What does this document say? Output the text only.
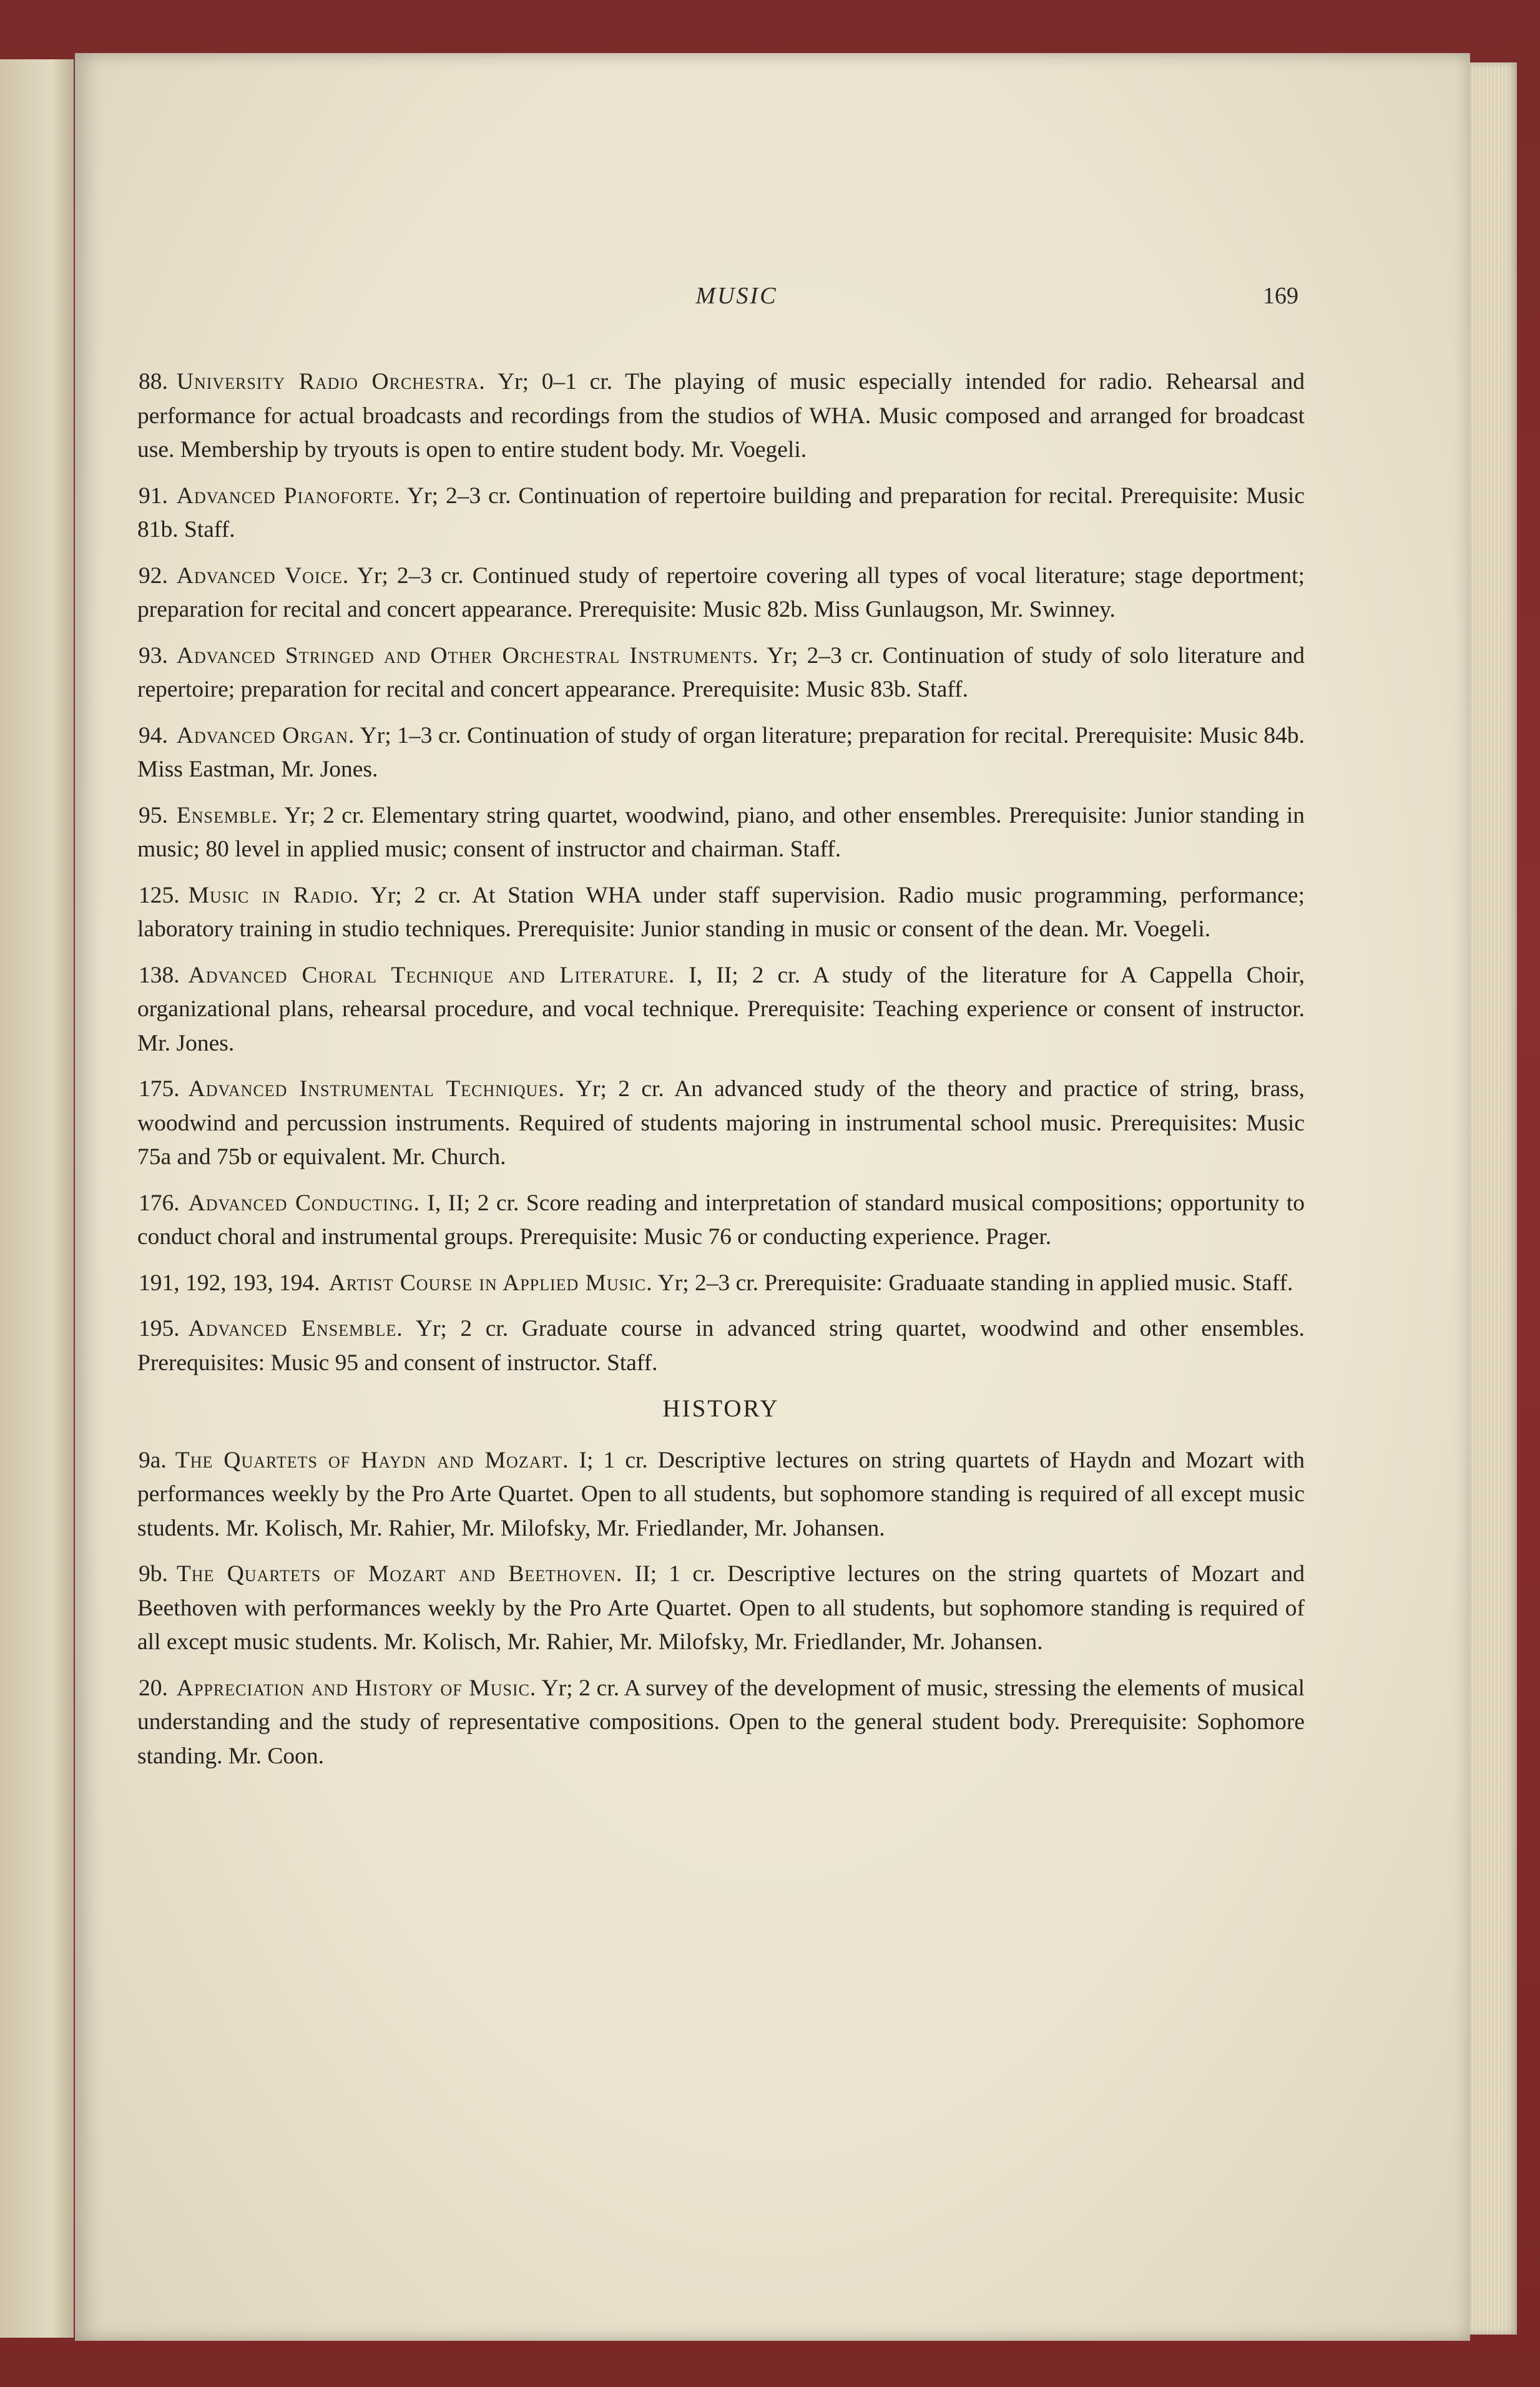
MUSIC	169

88. University Radio Orchestra. Yr; 0–1 cr. The playing of music especially intended for radio. Rehearsal and performance for actual broadcasts and recordings from the studios of WHA. Music composed and arranged for broadcast use. Membership by tryouts is open to entire student body. Mr. Voegeli.

91. Advanced Pianoforte. Yr; 2–3 cr. Continuation of repertoire building and preparation for recital. Prerequisite: Music 81b. Staff.

92. Advanced Voice. Yr; 2–3 cr. Continued study of repertoire covering all types of vocal literature; stage deportment; preparation for recital and concert appearance. Prerequisite: Music 82b. Miss Gunlaugson, Mr. Swinney.

93. Advanced Stringed and Other Orchestral Instruments. Yr; 2–3 cr. Continuation of study of solo literature and repertoire; preparation for recital and concert appearance. Prerequisite: Music 83b. Staff.

94. Advanced Organ. Yr; 1–3 cr. Continuation of study of organ literature; preparation for recital. Prerequisite: Music 84b. Miss Eastman, Mr. Jones.

95. Ensemble. Yr; 2 cr. Elementary string quartet, woodwind, piano, and other ensembles. Prerequisite: Junior standing in music; 80 level in applied music; consent of instructor and chairman. Staff.

125. Music in Radio. Yr; 2 cr. At Station WHA under staff supervision. Radio music programming, performance; laboratory training in studio techniques. Prerequisite: Junior standing in music or consent of the dean. Mr. Voegeli.

138. Advanced Choral Technique and Literature. I, II; 2 cr. A study of the literature for A Cappella Choir, organizational plans, rehearsal procedure, and vocal technique. Prerequisite: Teaching experience or consent of instructor. Mr. Jones.

175. Advanced Instrumental Techniques. Yr; 2 cr. An advanced study of the theory and practice of string, brass, woodwind and percussion instruments. Required of students majoring in instrumental school music. Prerequisites: Music 75a and 75b or equivalent. Mr. Church.

176. Advanced Conducting. I, II; 2 cr. Score reading and interpretation of standard musical compositions; opportunity to conduct choral and instrumental groups. Prerequisite: Music 76 or conducting experience. Prager.

191, 192, 193, 194. Artist Course in Applied Music. Yr; 2–3 cr. Prerequisite: Graduaate standing in applied music. Staff.

195. Advanced Ensemble. Yr; 2 cr. Graduate course in advanced string quartet, woodwind and other ensembles. Prerequisites: Music 95 and consent of instructor. Staff.

HISTORY

9a. The Quartets of Haydn and Mozart. I; 1 cr. Descriptive lectures on string quartets of Haydn and Mozart with performances weekly by the Pro Arte Quartet. Open to all students, but sophomore standing is required of all except music students. Mr. Kolisch, Mr. Rahier, Mr. Milofsky, Mr. Friedlander, Mr. Johansen.

9b. The Quartets of Mozart and Beethoven. II; 1 cr. Descriptive lectures on the string quartets of Mozart and Beethoven with performances weekly by the Pro Arte Quartet. Open to all students, but sophomore standing is required of all except music students. Mr. Kolisch, Mr. Rahier, Mr. Milofsky, Mr. Friedlander, Mr. Johansen.

20. Appreciation and History of Music. Yr; 2 cr. A survey of the development of music, stressing the elements of musical understanding and the study of representative compositions. Open to the general student body. Prerequisite: Sophomore standing. Mr. Coon.
